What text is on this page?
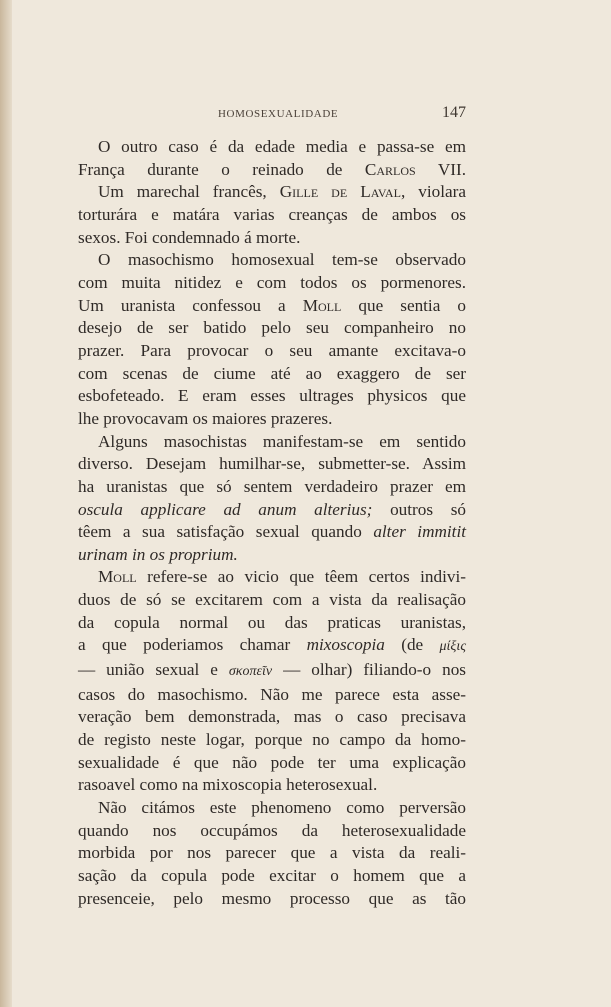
HOMOSEXUALIDADE	147
O outro caso é da edade media e passa-se em
França durante o reinado de Carlos VII.
Um marechal francês, Gille de Laval, violara
torturára e matára varias creanças de ambos os
sexos. Foi condemnado á morte.
O masochismo homosexual tem-se observado
com muita nitidez e com todos os pormenores.
Um uranista confessou a Moll que sentia o
desejo de ser batido pelo seu companheiro no
prazer. Para provocar o seu amante excitava-o
com scenas de ciume até ao exaggero de ser
esbofeteado. E eram esses ultrages physicos que
lhe provocavam os maiores prazeres.
Alguns masochistas manifestam-se em sentido
diverso. Desejam humilhar-se, submetter-se. Assim
ha uranistas que só sentem verdadeiro prazer em
oscula applicare ad anum alterius; outros só
têem a sua satisfação sexual quando alter immitit
urinam in os proprium.
Moll refere-se ao vicio que têem certos indivi-
duos de só se excitarem com a vista da realisação
da copula normal ou das praticas uranistas,
a que poderiamos chamar mixoscopia (de μίξις
— união sexual e σκοπεῖν — olhar) filiando-o nos
casos do masochismo. Não me parece esta asse-
veração bem demonstrada, mas o caso precisava
de registo neste logar, porque no campo da homo-
sexualidade é que não pode ter uma explicação
rasoavel como na mixoscopia heterosexual.
Não citámos este phenomeno como perversão
quando nos occupámos da heterosexualidade
morbida por nos parecer que a vista da reali-
sação da copula pode excitar o homem que a
presenceie, pelo mesmo processo que as tão
